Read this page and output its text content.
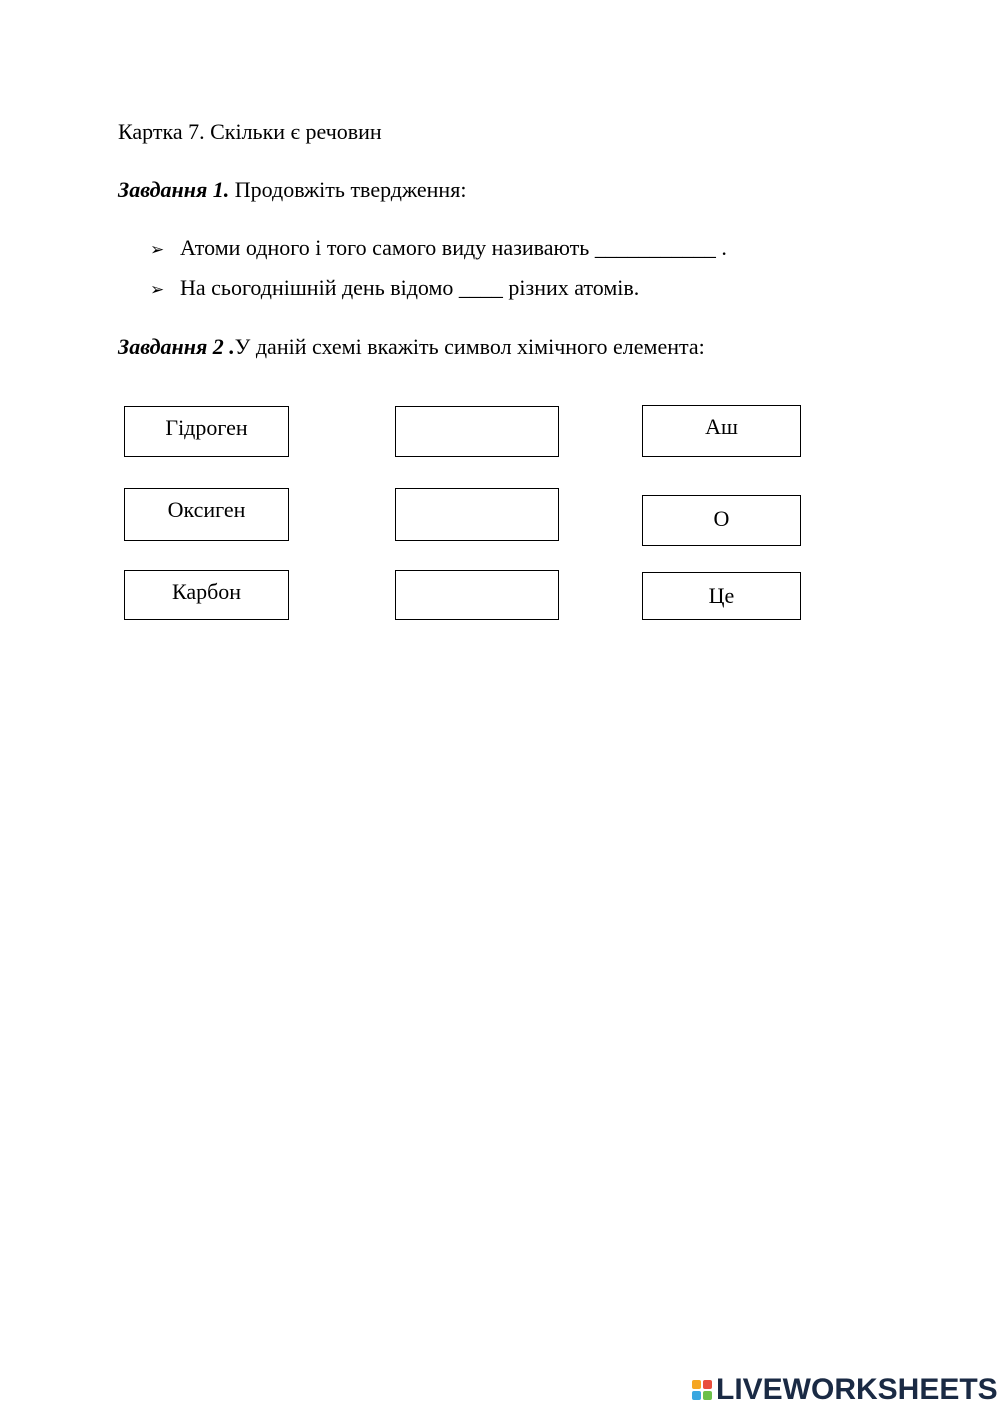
Картка 7. Скільки є речовин
Завдання 1. Продовжіть твердження:
➢ Атоми одного і того самого виду називають ___________ .
➢ На сьогоднішній день відомо ____ різних атомів.
Завдання 2 .У даній схемі вкажіть символ хімічного елемента:
Гідроген
Оксиген
Карбон
Аш
О
Це
LIVEWORKSHEETS
